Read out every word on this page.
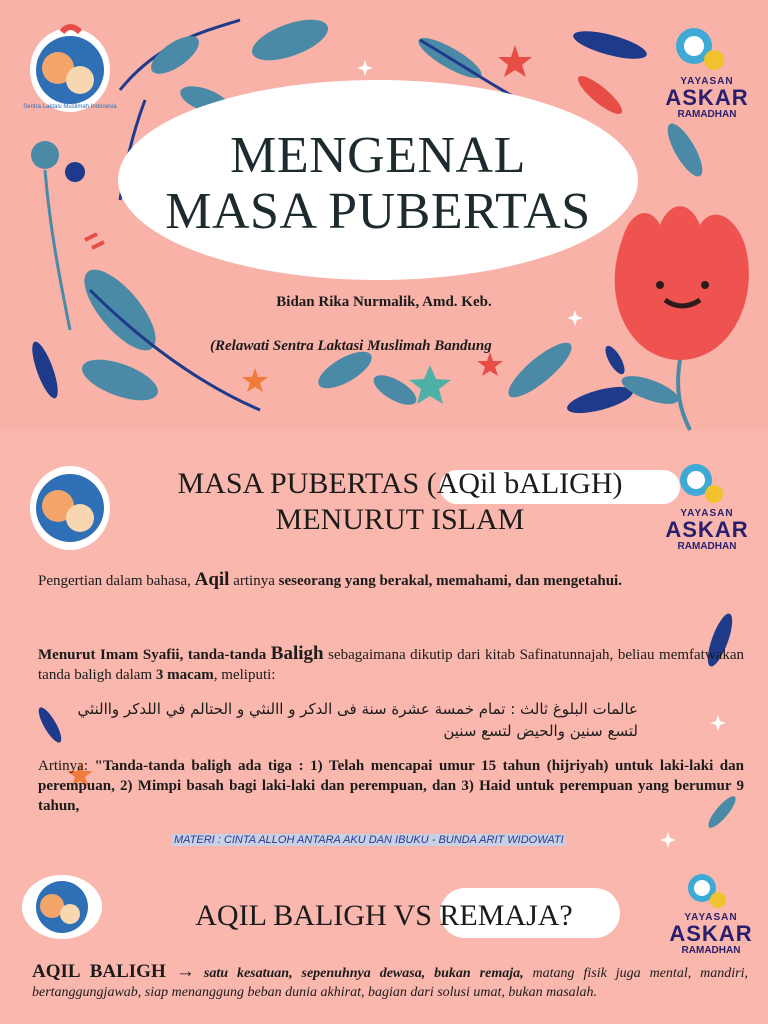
MENGENAL
MASA PUBERTAS
Bidan Rika Nurmalik, Amd. Keb.
(Relawati Sentra Laktasi Muslimah Bandung
Sentra Laktasi Muslimah Indonesia
YAYASAN
ASKAR
RAMADHAN
YAYASAN
ASKAR
RAMADHAN
MASA PUBERTAS (AQil bALIGH)
MENURUT ISLAM
Pengertian dalam bahasa, Aqil artinya seseorang yang berakal, memahami, dan mengetahui.
Menurut Imam Syafii, tanda-tanda Baligh sebagaimana dikutip dari kitab Safinatunnajah, beliau memfatwakan tanda baligh dalam 3 macam, meliputi:
عالمات البلوغ ثالث : تمام خمسة عشرة سنة فى الدكر و االنثي و الحتالم في اللدكر واالنثي
لتسع سنين والحيض لتسع سنين
Artinya: "Tanda-tanda baligh ada tiga : 1) Telah mencapai umur 15 tahun (hijriyah) untuk laki-laki dan perempuan, 2) Mimpi basah bagi laki-laki dan perempuan, dan 3) Haid untuk perempuan yang berumur 9 tahun,
MATERI : CINTA ALLOH ANTARA AKU DAN IBUKU - BUNDA ARIT WIDOWATI
YAYASAN
ASKAR
RAMADHAN
AQIL BALIGH VS REMAJA?
AQIL BALIGH → satu kesatuan, sepenuhnya dewasa, bukan remaja, matang fisik juga mental, mandiri, bertanggungjawab, siap menanggung beban dunia akhirat, bagian dari solusi umat, bukan masalah.
